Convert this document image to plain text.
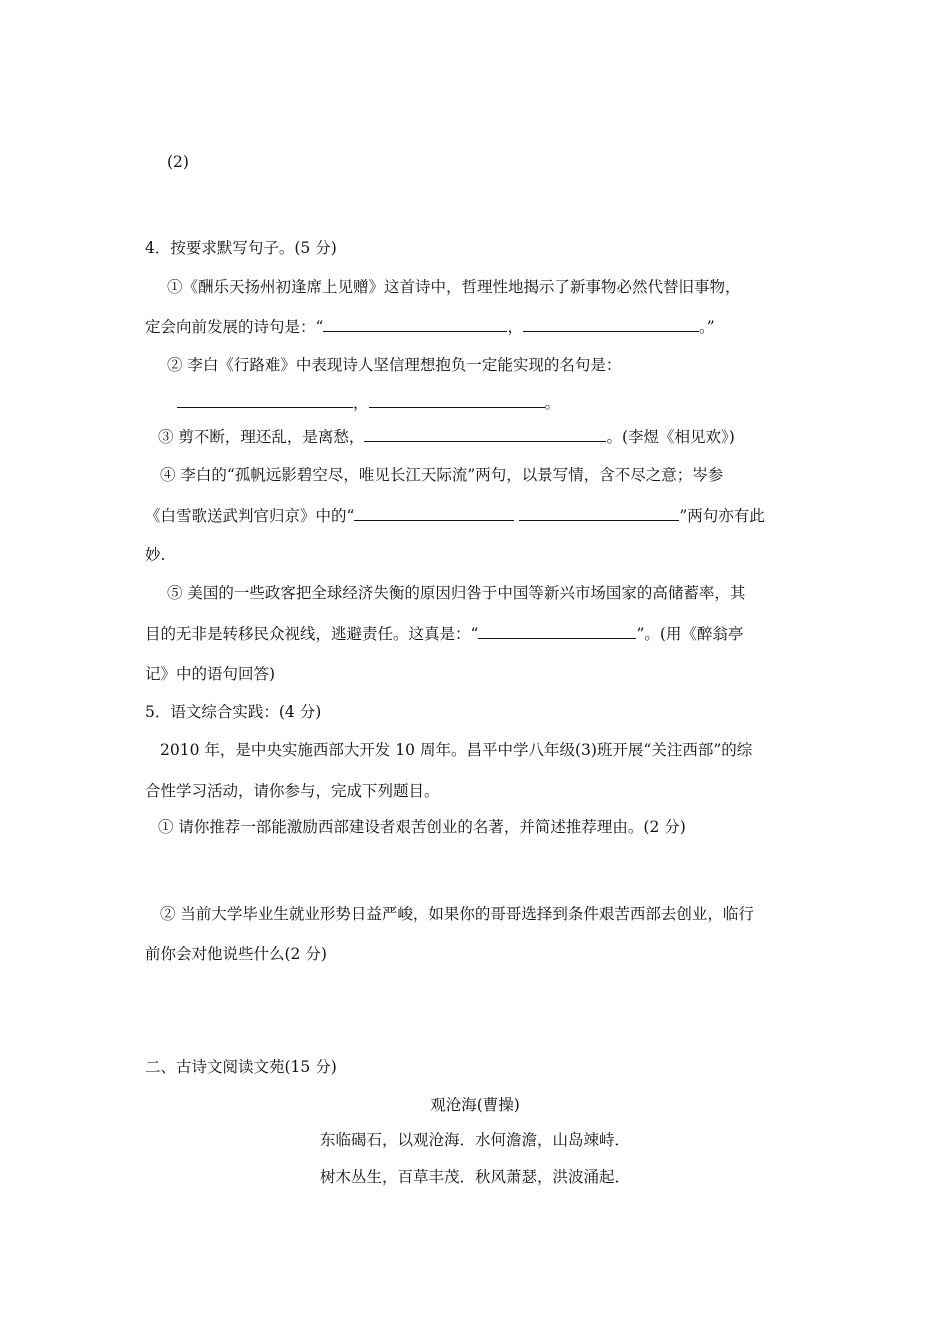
(2)
4．按要求默写句子。(5 分)
①《酬乐天扬州初逢席上见赠》这首诗中，哲理性地揭示了新事物必然代替旧事物，
定会向前发展的诗句是：“	，	。”
② 李白《行路难》中表现诗人坚信理想抱负一定能实现的名句是：
，	。
③ 剪不断，理还乱，是离愁，	。(李煜《相见欢》)
④ 李白的“孤帆远影碧空尽，唯见长江天际流”两句，以景写情，含不尽之意；岑参
《白雪歌送武判官归京》中的“	”两句亦有此
妙.
⑤ 美国的一些政客把全球经济失衡的原因归咎于中国等新兴市场国家的高储蓄率，其
目的无非是转移民众视线，逃避责任。这真是：“	”。(用《醉翁亭
记》中的语句回答)
5．语文综合实践：(4 分)
2010 年，是中央实施西部大开发 10 周年。昌平中学八年级(3)班开展“关注西部”的综
合性学习活动，请你参与，完成下列题目。
① 请你推荐一部能激励西部建设者艰苦创业的名著，并简述推荐理由。(2 分)
② 当前大学毕业生就业形势日益严峻，如果你的哥哥选择到条件艰苦西部去创业，临行
前你会对他说些什么(2 分)
二、古诗文阅读文苑(15 分)
观沧海(曹操)
东临碣石，以观沧海．水何澹澹，山岛竦峙．
树木丛生，百草丰茂．秋风萧瑟，洪波涌起．
